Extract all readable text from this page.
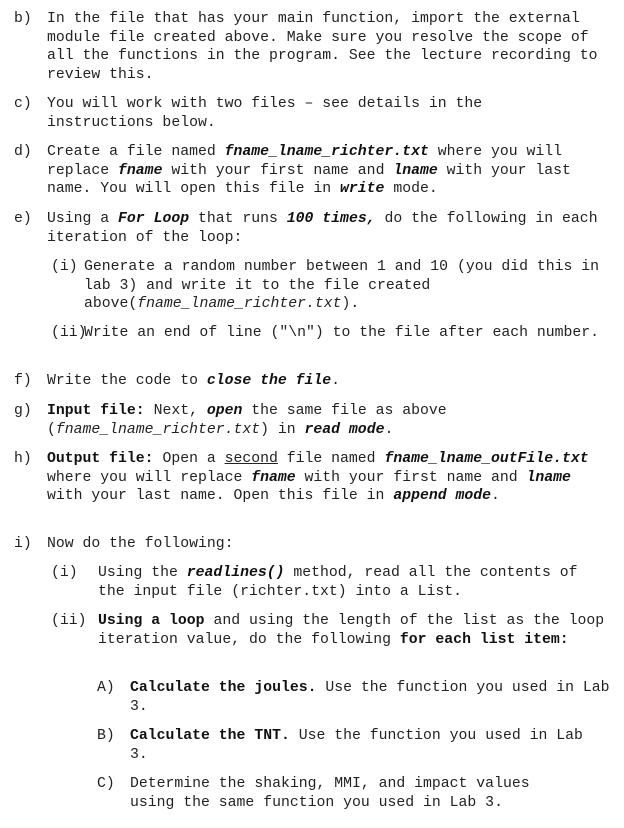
b) In the file that has your main function, import the external module file created above. Make sure you resolve the scope of all the functions in the program. See the lecture recording to review this.

c) You will work with two files – see details in the instructions below.

d) Create a file named fname_lname_richter.txt where you will replace fname with your first name and lname with your last name. You will open this file in write mode.

e) Using a For Loop that runs 100 times, do the following in each iteration of the loop:

(i) Generate a random number between 1 and 10 (you did this in lab 3) and write it to the file created above(fname_lname_richter.txt).

(ii)

Write an end of line ("\n") to the file after each number.

f) Write the code to close the file.

g) Input file: Next, open the same file as above (fname_lname_richter.txt) in read mode.

h) Output file: Open a second file named fname_lname_outFile.txt where you will replace fname with your first name and lname with your last name. Open this file in append mode.

i) Now do the following:

(i) Using the readlines() method, read all the contents of the input file (richter.txt) into a List.

(ii) Using a loop and using the length of the list as the loop iteration value, do the following for each list item:

A) Calculate the joules. Use the function you used in Lab 3.

B) Calculate the TNT. Use the function you used in Lab 3.

C) Determine the shaking, MMI, and impact values using the same function you used in Lab 3.
